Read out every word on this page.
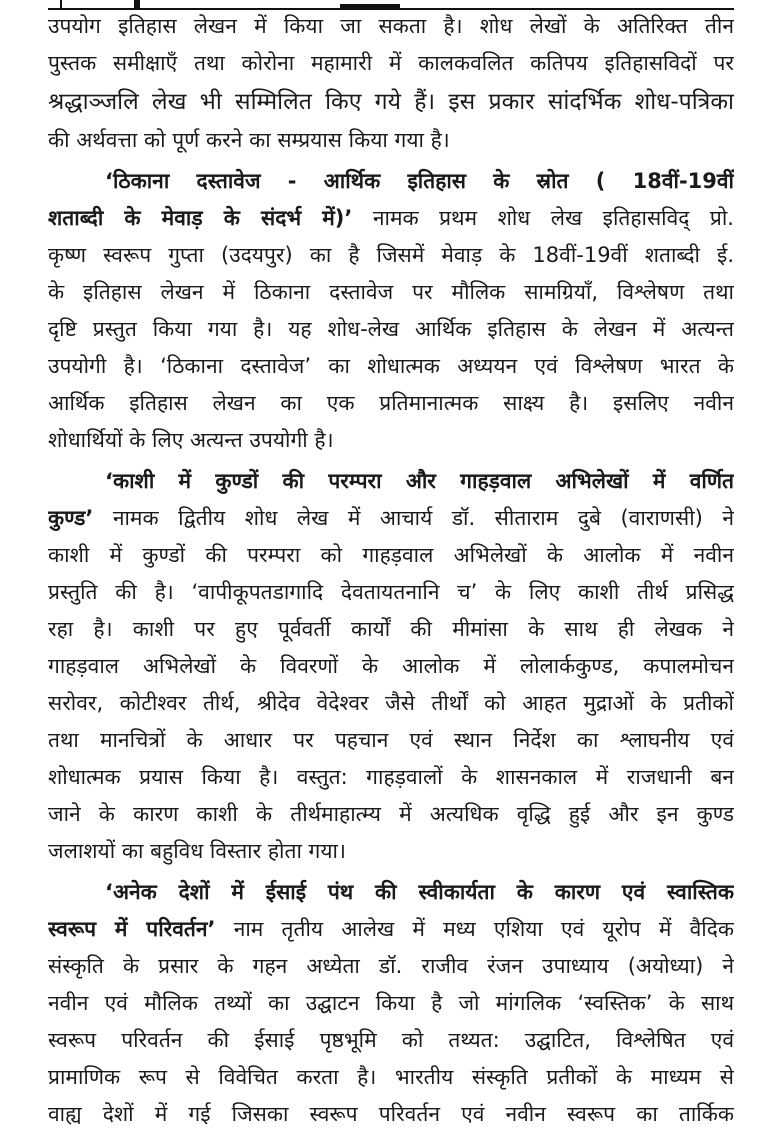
उपयोग इतिहास लेखन में किया जा सकता है। शोध लेखों के अतिरिक्त तीन
पुस्तक समीक्षाएँ तथा कोरोना महामारी में कालकवलित कतिपय इतिहासविदों पर
श्रद्धाञ्जलि लेख भी सम्मिलित किए गये हैं। इस प्रकार सांदर्भिक शोध-पत्रिका
की अर्थवत्ता को पूर्ण करने का सम्प्रयास किया गया है।
‘ठिकाना दस्तावेज - आर्थिक इतिहास के स्रोत ( 18वीं-19वीं
शताब्दी के मेवाड़ के संदर्भ में)’ नामक प्रथम शोध लेख इतिहासविद् प्रो.
कृष्ण स्वरूप गुप्ता (उदयपुर) का है जिसमें मेवाड़ के 18वीं-19वीं शताब्दी ई.
के इतिहास लेखन में ठिकाना दस्तावेज पर मौलिक सामग्रियाँ, विश्लेषण तथा
दृष्टि प्रस्तुत किया गया है। यह शोध-लेख आर्थिक इतिहास के लेखन में अत्यन्त
उपयोगी है। ‘ठिकाना दस्तावेज’ का शोधात्मक अध्ययन एवं विश्लेषण भारत के
आर्थिक इतिहास लेखन का एक प्रतिमानात्मक साक्ष्य है। इसलिए नवीन
शोधार्थियों के लिए अत्यन्त उपयोगी है।
‘काशी में कुण्डों की परम्परा और गाहड़वाल अभिलेखों में वर्णित
कुण्ड’ नामक द्वितीय शोध लेख में आचार्य डॉ. सीताराम दुबे (वाराणसी) ने
काशी में कुण्डों की परम्परा को गाहड़वाल अभिलेखों के आलोक में नवीन
प्रस्तुति की है। ‘वापीकूपतडागादि देवतायतनानि च’ के लिए काशी तीर्थ प्रसिद्ध
रहा है। काशी पर हुए पूर्ववर्ती कार्यों की मीमांसा के साथ ही लेखक ने
गाहड़वाल अभिलेखों के विवरणों के आलोक में लोलार्ककुण्ड, कपालमोचन
सरोवर, कोटीश्वर तीर्थ, श्रीदेव वेदेश्वर जैसे तीर्थों को आहत मुद्राओं के प्रतीकों
तथा मानचित्रों के आधार पर पहचान एवं स्थान निर्देश का श्लाघनीय एवं
शोधात्मक प्रयास किया है। वस्तुत: गाहड़वालों के शासनकाल में राजधानी बन
जाने के कारण काशी के तीर्थमाहात्म्य में अत्यधिक वृद्धि हुई और इन कुण्ड
जलाशयों का बहुविध विस्तार होता गया।
‘अनेक देशों में ईसाई पंथ की स्वीकार्यता के कारण एवं स्वास्तिक
स्वरूप में परिवर्तन’ नाम तृतीय आलेख में मध्य एशिया एवं यूरोप में वैदिक
संस्कृति के प्रसार के गहन अध्येता डॉ. राजीव रंजन उपाध्याय (अयोध्या) ने
नवीन एवं मौलिक तथ्यों का उद्घाटन किया है जो मांगलिक ‘स्वस्तिक’ के साथ
स्वरूप परिवर्तन की ईसाई पृष्ठभूमि को तथ्यत: उद्घाटित, विश्लेषित एवं
प्रामाणिक रूप से विवेचित करता है। भारतीय संस्कृति प्रतीकों के माध्यम से
वाह्य देशों में गई जिसका स्वरूप परिवर्तन एवं नवीन स्वरूप का तार्किक
